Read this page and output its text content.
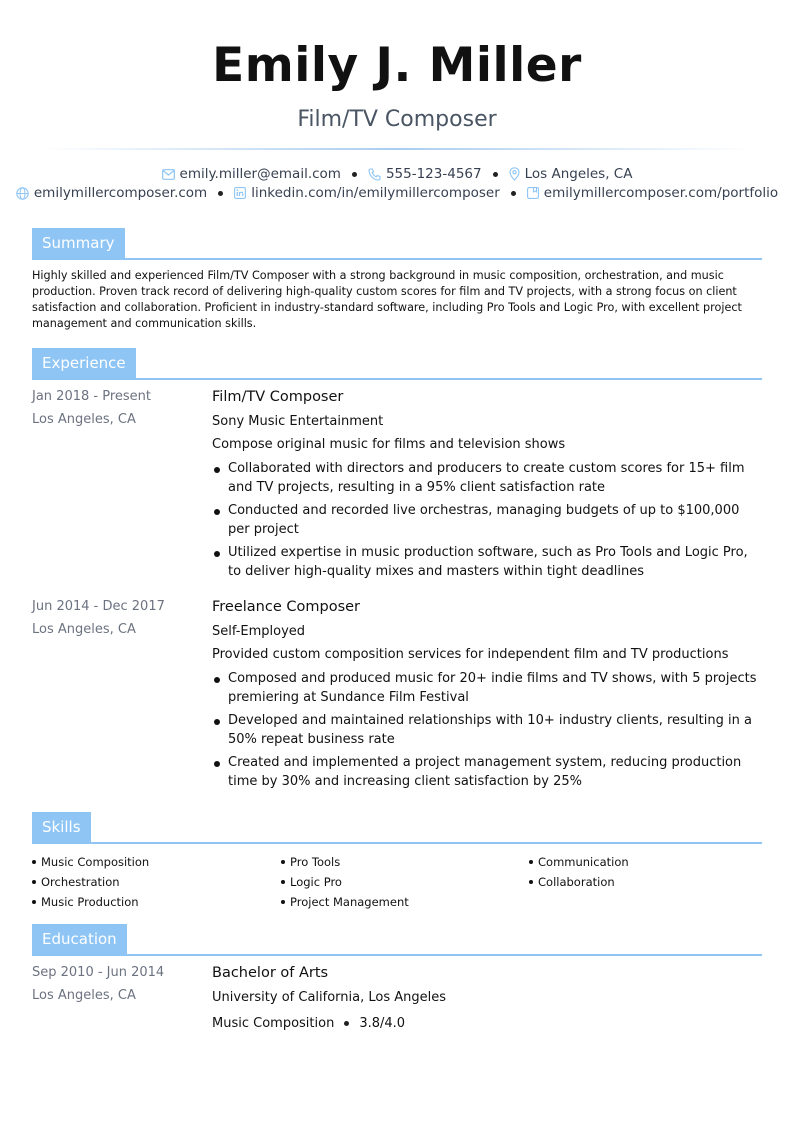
Emily J. Miller
Film/TV Composer
emily.miller@email.com	555-123-4567	Los Angeles, CA
emilymillercomposer.com	linkedin.com/in/emilymillercomposer	emilymillercomposer.com/portfolio
Summary
Highly skilled and experienced Film/TV Composer with a strong background in music composition, orchestration, and music production. Proven track record of delivering high-quality custom scores for film and TV projects, with a strong focus on client satisfaction and collaboration. Proficient in industry-standard software, including Pro Tools and Logic Pro, with excellent project management and communication skills.
Experience
Jan 2018 - Present
Los Angeles, CA
Film/TV Composer
Sony Music Entertainment
Compose original music for films and television shows
Collaborated with directors and producers to create custom scores for 15+ film and TV projects, resulting in a 95% client satisfaction rate
Conducted and recorded live orchestras, managing budgets of up to $100,000 per project
Utilized expertise in music production software, such as Pro Tools and Logic Pro, to deliver high-quality mixes and masters within tight deadlines
Jun 2014 - Dec 2017
Los Angeles, CA
Freelance Composer
Self-Employed
Provided custom composition services for independent film and TV productions
Composed and produced music for 20+ indie films and TV shows, with 5 projects premiering at Sundance Film Festival
Developed and maintained relationships with 10+ industry clients, resulting in a 50% repeat business rate
Created and implemented a project management system, reducing production time by 30% and increasing client satisfaction by 25%
Skills
Music Composition
Orchestration
Music Production
Pro Tools
Logic Pro
Project Management
Communication
Collaboration
Education
Sep 2010 - Jun 2014
Los Angeles, CA
Bachelor of Arts
University of California, Los Angeles
Music Composition 3.8/4.0
